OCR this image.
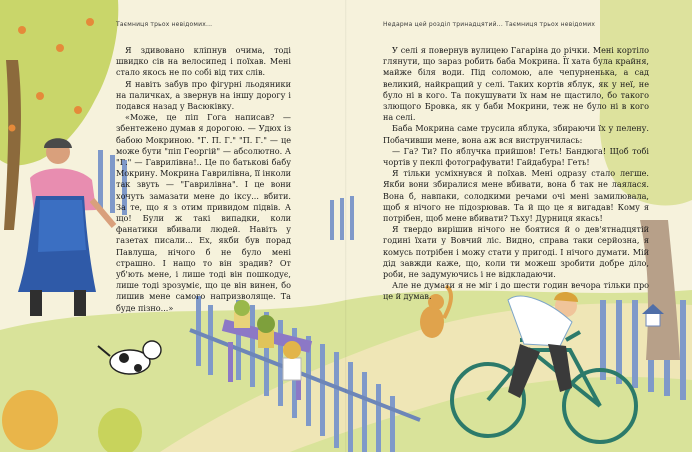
Таємниця трьох невідомих...

Я здивовано кліпнув очима, тоді швидко сів на велосипед і поїхав. Мені стало якось не по собі від тих слів.

Я навіть забув про фігурні льодяники на паличках, а звернув на іншу дорогу і подався назад у Васюківку.

«Може, це піп Гога написав? — збентежено думав я дорогою. — Удюх із бабою Мокриною. "Г. П. Г." "П. Г." — це може бути "піп Георгій" — абсолютно. А "Г." — Гаврилівна!.. Це по батькові бабу Мокрину. Мокрина Гаврилівна, її інколи так звуть — "Гаврилівна". І це вони хочуть замазати мене до іксу... вбити. За те, що я з отим привидом підвів. А що! Були ж такі випадки, коли фанатики вбивали людей. Навіть у газетах писали... Ех, якби був порад Павлуша, нічого б не було мені страшно. І нащо то він зрадив? От уб'ють мене, і лише тоді він пошкодує, лише тоді зрозуміє, що це він винен, бо лишив мене самого напризволяще. Та буде пізно...»

Недарма цей розділ тринадцятий... Таємниця трьох невідомих

У селі я повернув вулицею Гагаріна до річки. Мені кортіло глянути, що зараз робить баба Мокрина. Її хата була крайня, майже біля води. Під соломою, але чепурненька, а сад великий, найкращий у селі. Таких кортів яблук, як у неї, не було ні в кого. Та покушувати їх нам не щастило, бо такого злющого Бровка, як у баби Мокрини, теж не було ні в кого на селі.

Баба Мокрина саме трусила яблука, збираючи їх у пелену. Побачивши мене, вона аж вся виструнчилась:

— Га? Ти? По яблучка прийшов! Геть! Бандюга! Щоб тобі чортів у пеклі фотографувати! Гайдабура! Геть!

Я тільки усміхнувся й поїхав. Мені одразу стало легше. Якби вони збиралися мене вбивати, вона б так не лаялася. Вона б, навпаки, солодкими речами очі мені замилювала, щоб я нічого не підозрював. Та й що це я вигадав! Кому я потрібен, щоб мене вбивати? Тьху! Дурниця якась!

Я твердо вирішив нічого не боятися й о дев'ятнадцятій годині їхати у Вовчий ліс. Видно, справа таки серйозна, я комусь потрібен і можу стати у пригоді. І нічого думати. Мій дід завжди каже, що, коли ти можеш зробити добре діло, роби, не задумуючись і не відкладаючи.

Але не думати я не міг і до шести годин вечора тільки про це й думав.
